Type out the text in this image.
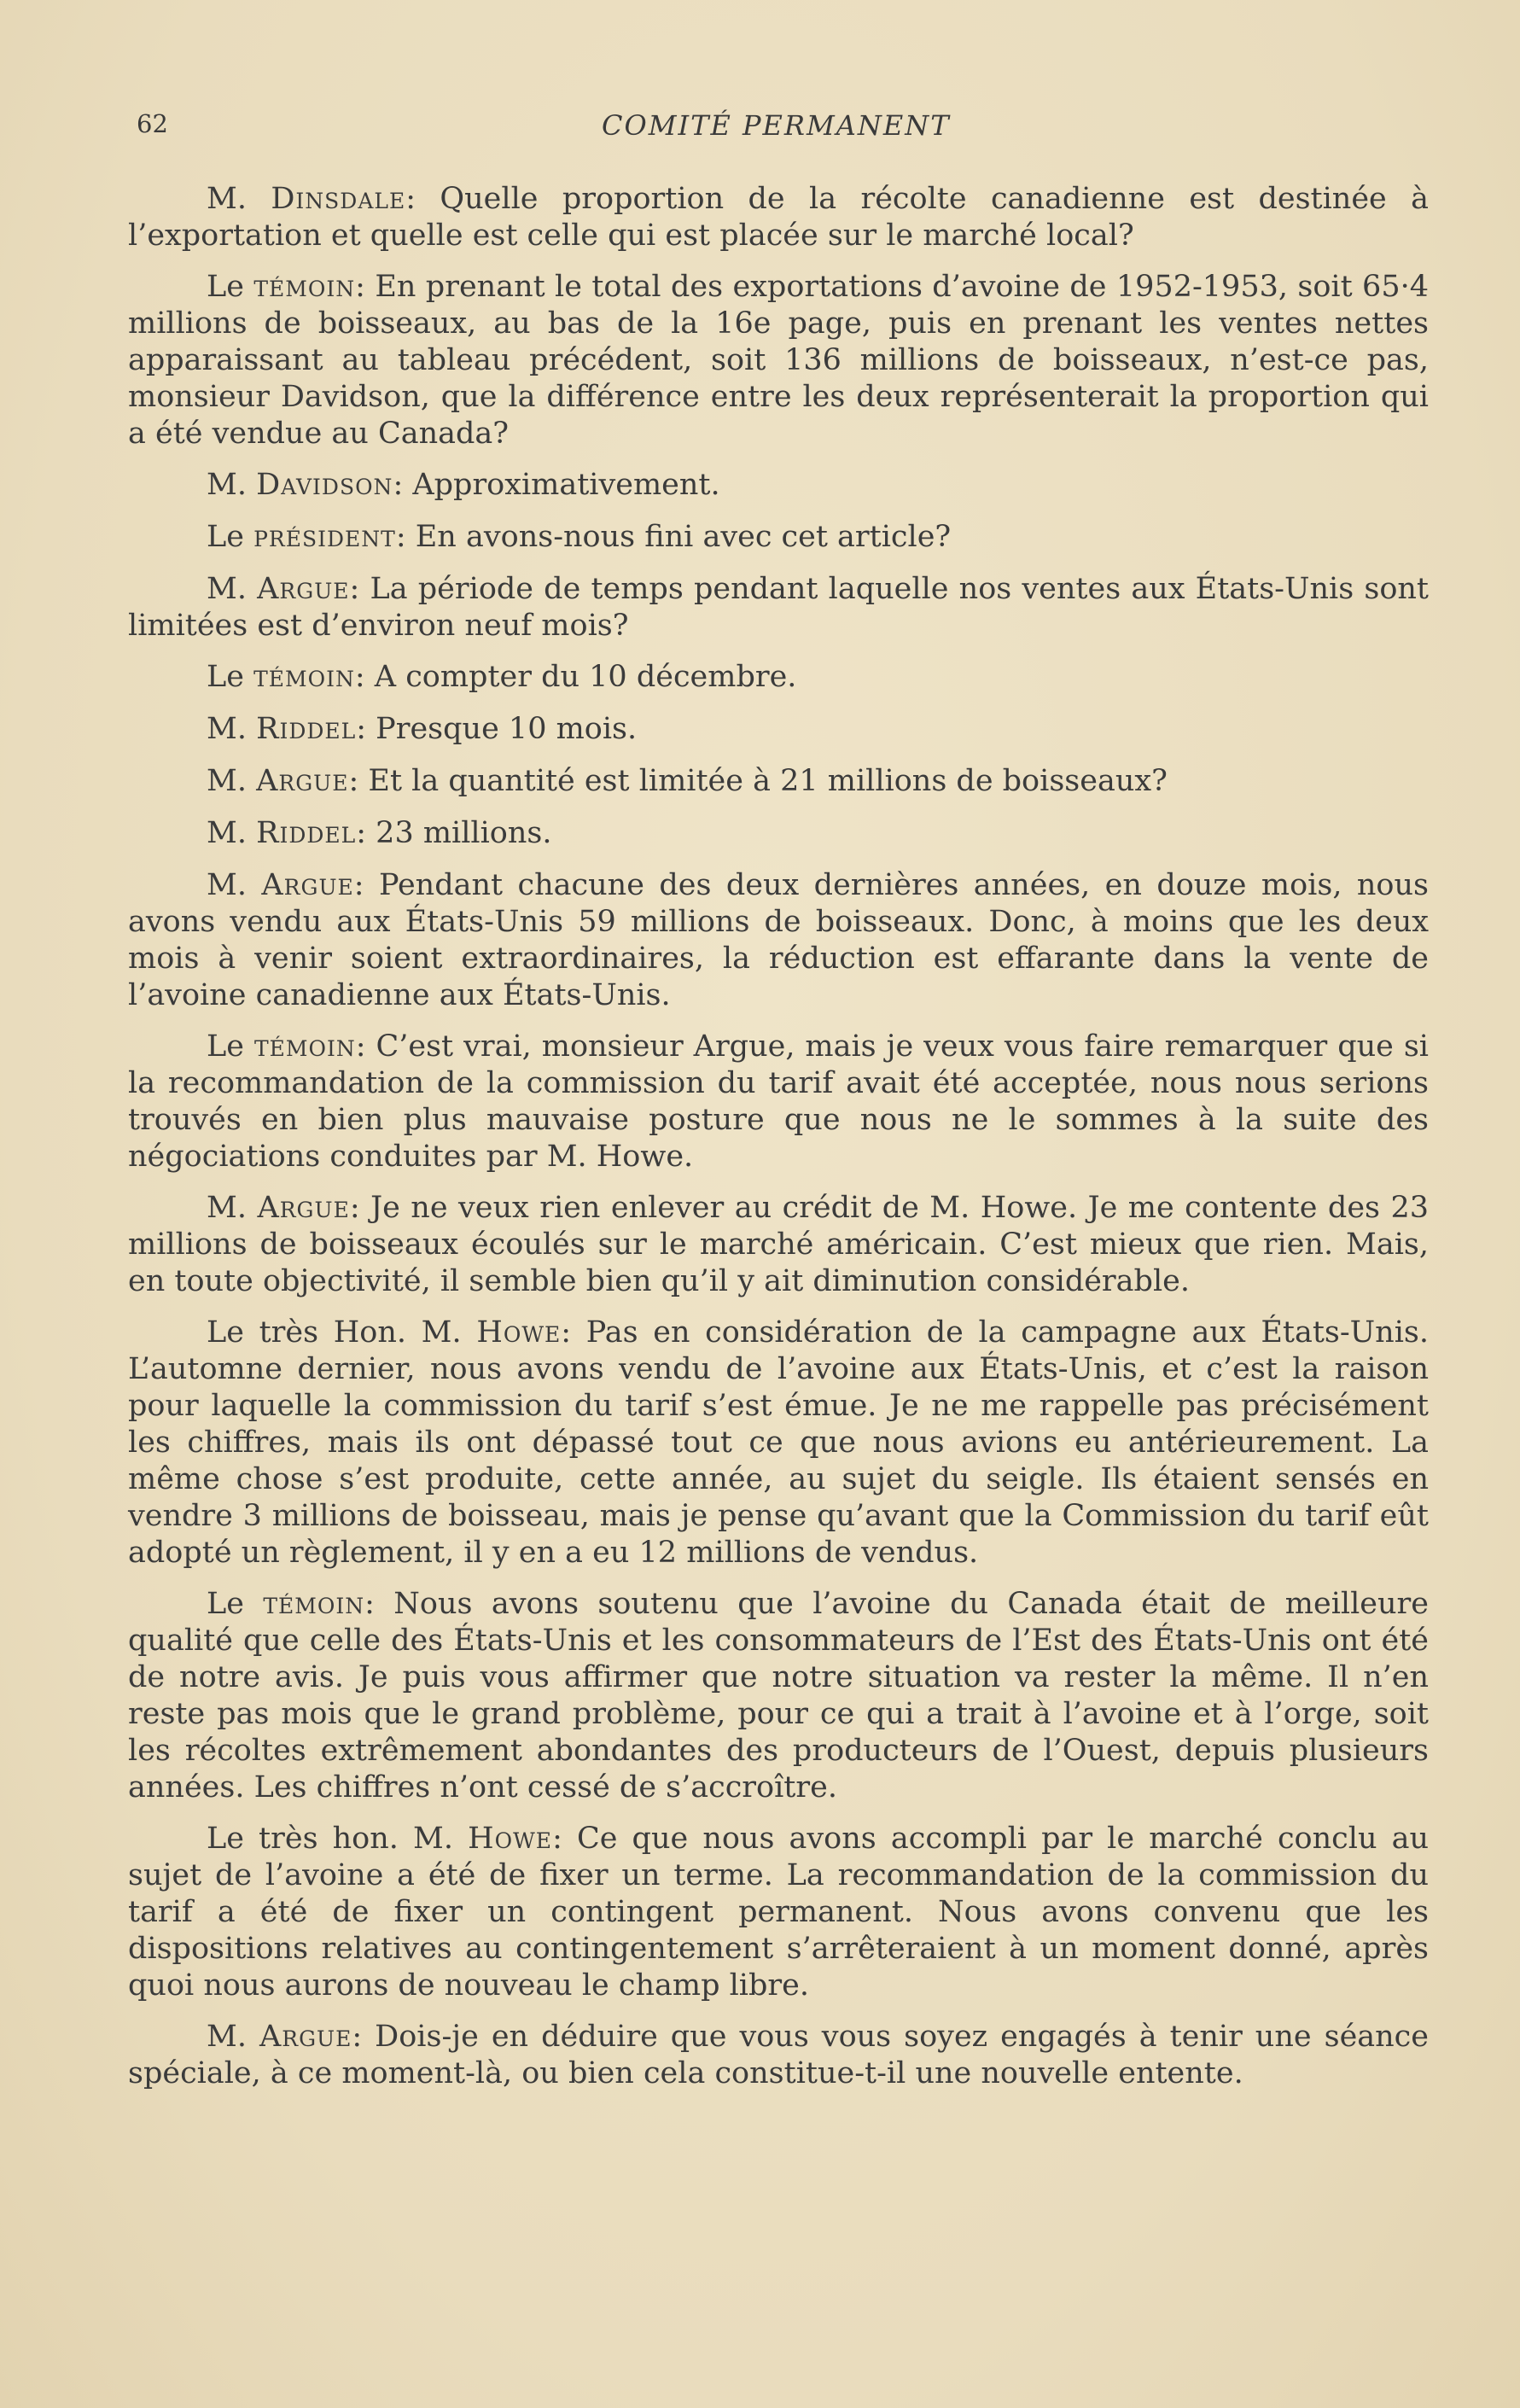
62	COMITÉ PERMANENT

M. Dinsdale: Quelle proportion de la récolte canadienne est destinée à l’exportation et quelle est celle qui est placée sur le marché local?

Le témoin: En prenant le total des exportations d’avoine de 1952-1953, soit 65·4 millions de boisseaux, au bas de la 16e page, puis en prenant les ventes nettes apparaissant au tableau précédent, soit 136 millions de boisseaux, n’est-ce pas, monsieur Davidson, que la différence entre les deux représenterait la proportion qui a été vendue au Canada?

M. Davidson: Approximativement.

Le président: En avons-nous fini avec cet article?

M. Argue: La période de temps pendant laquelle nos ventes aux États-Unis sont limitées est d’environ neuf mois?

Le témoin: A compter du 10 décembre.

M. Riddel: Presque 10 mois.

M. Argue: Et la quantité est limitée à 21 millions de boisseaux?

M. Riddel: 23 millions.

M. Argue: Pendant chacune des deux dernières années, en douze mois, nous avons vendu aux États-Unis 59 millions de boisseaux. Donc, à moins que les deux mois à venir soient extraordinaires, la réduction est effarante dans la vente de l’avoine canadienne aux États-Unis.

Le témoin: C’est vrai, monsieur Argue, mais je veux vous faire remarquer que si la recommandation de la commission du tarif avait été acceptée, nous nous serions trouvés en bien plus mauvaise posture que nous ne le sommes à la suite des négociations conduites par M. Howe.

M. Argue: Je ne veux rien enlever au crédit de M. Howe. Je me contente des 23 millions de boisseaux écoulés sur le marché américain. C’est mieux que rien. Mais, en toute objectivité, il semble bien qu’il y ait diminution considérable.

Le très Hon. M. Howe: Pas en considération de la campagne aux États-Unis. L’automne dernier, nous avons vendu de l’avoine aux États-Unis, et c’est la raison pour laquelle la commission du tarif s’est émue. Je ne me rappelle pas précisément les chiffres, mais ils ont dépassé tout ce que nous avions eu antérieurement. La même chose s’est produite, cette année, au sujet du seigle. Ils étaient sensés en vendre 3 millions de boisseau, mais je pense qu’avant que la Commission du tarif eût adopté un règlement, il y en a eu 12 millions de vendus.

Le témoin: Nous avons soutenu que l’avoine du Canada était de meilleure qualité que celle des États-Unis et les consommateurs de l’Est des États-Unis ont été de notre avis. Je puis vous affirmer que notre situation va rester la même. Il n’en reste pas mois que le grand problème, pour ce qui a trait à l’avoine et à l’orge, soit les récoltes extrêmement abondantes des producteurs de l’Ouest, depuis plusieurs années. Les chiffres n’ont cessé de s’accroître.

Le très hon. M. Howe: Ce que nous avons accompli par le marché conclu au sujet de l’avoine a été de fixer un terme. La recommandation de la commission du tarif a été de fixer un contingent permanent. Nous avons convenu que les dispositions relatives au contingentement s’arrêteraient à un moment donné, après quoi nous aurons de nouveau le champ libre.

M. Argue: Dois-je en déduire que vous vous soyez engagés à tenir une séance spéciale, à ce moment-là, ou bien cela constitue-t-il une nouvelle entente.
